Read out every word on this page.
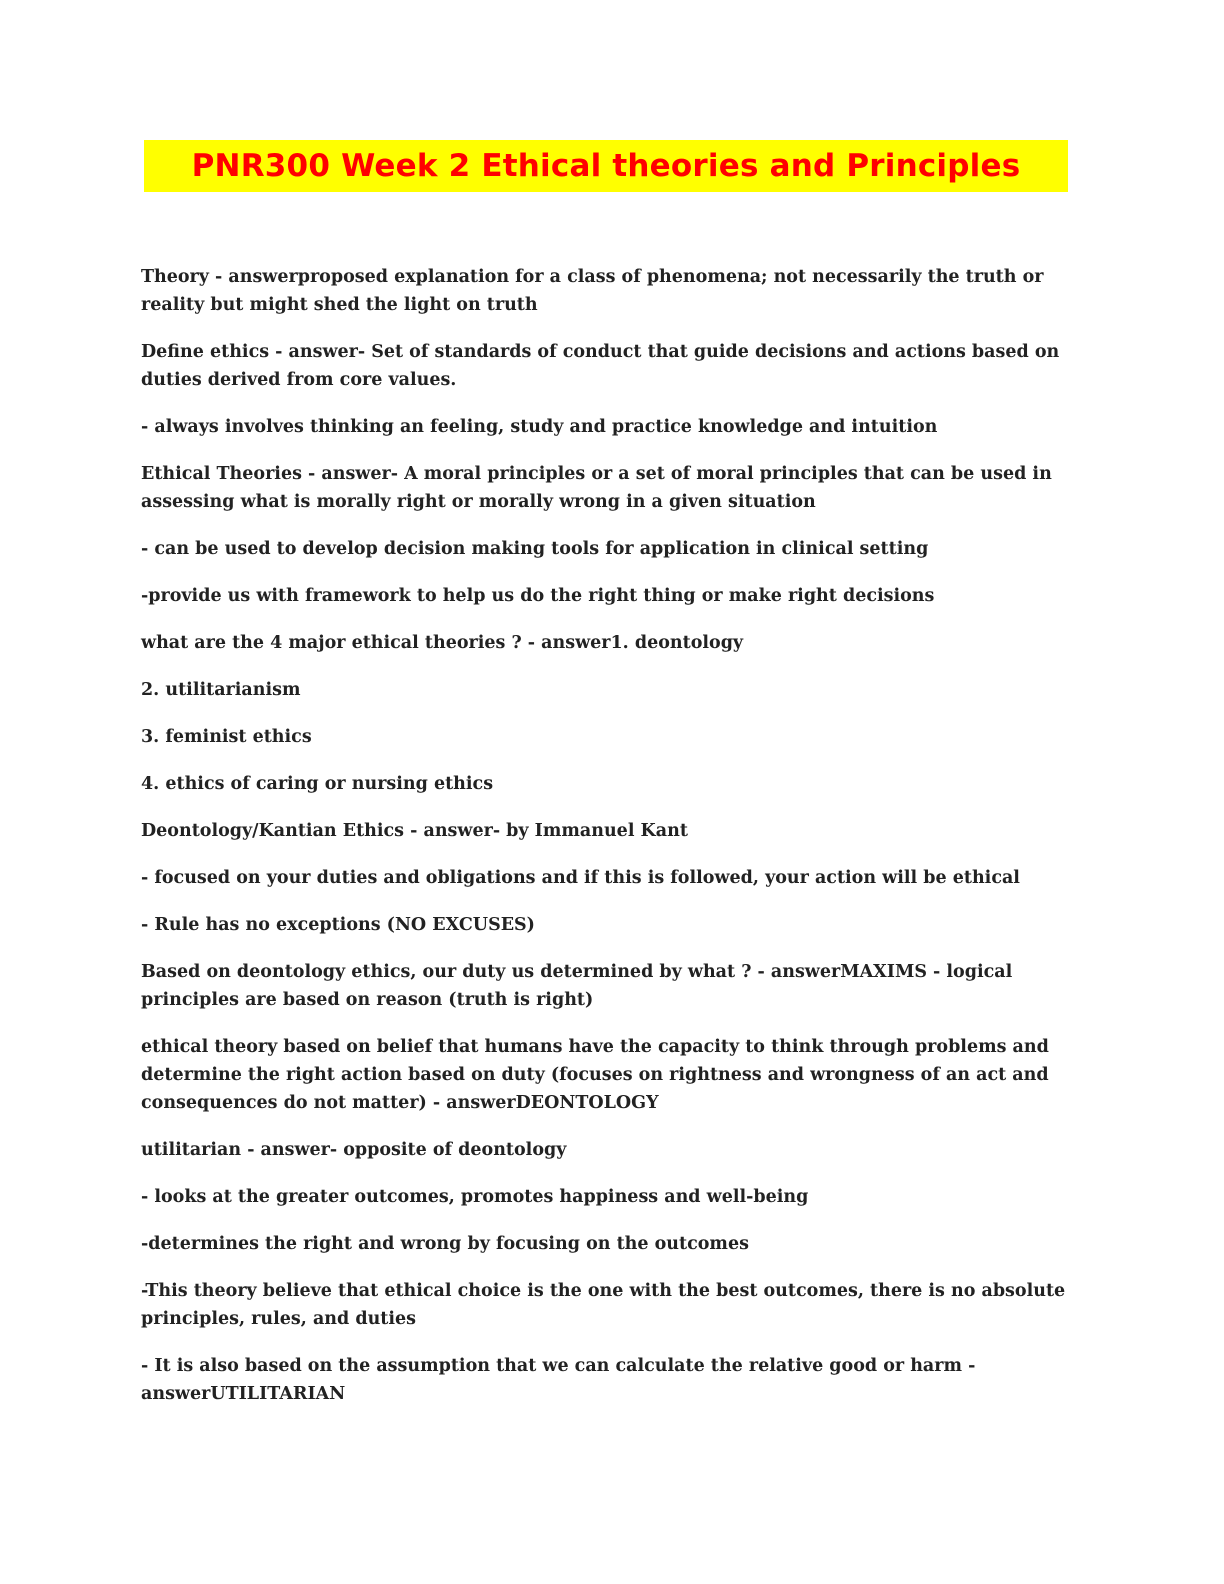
PNR300 Week 2 Ethical theories and Principles

Theory - answerproposed explanation for a class of phenomena; not necessarily the truth or reality but might shed the light on truth

Define ethics - answer- Set of standards of conduct that guide decisions and actions based on duties derived from core values.

- always involves thinking an feeling, study and practice knowledge and intuition

Ethical Theories - answer- A moral principles or a set of moral principles that can be used in assessing what is morally right or morally wrong in a given situation

- can be used to develop decision making tools for application in clinical setting

-provide us with framework to help us do the right thing or make right decisions

what are the 4 major ethical theories ? - answer1. deontology

2. utilitarianism

3. feminist ethics

4. ethics of caring or nursing ethics

Deontology/Kantian Ethics - answer- by Immanuel Kant

- focused on your duties and obligations and if this is followed, your action will be ethical

- Rule has no exceptions (NO EXCUSES)

Based on deontology ethics, our duty us determined by what ? - answerMAXIMS - logical principles are based on reason (truth is right)

ethical theory based on belief that humans have the capacity to think through problems and determine the right action based on duty (focuses on rightness and wrongness of an act and consequences do not matter) - answerDEONTOLOGY

utilitarian - answer- opposite of deontology

- looks at the greater outcomes, promotes happiness and well-being

-determines the right and wrong by focusing on the outcomes

-This theory believe that ethical choice is the one with the best outcomes, there is no absolute principles, rules, and duties

- It is also based on the assumption that we can calculate the relative good or harm - answerUTILITARIAN
